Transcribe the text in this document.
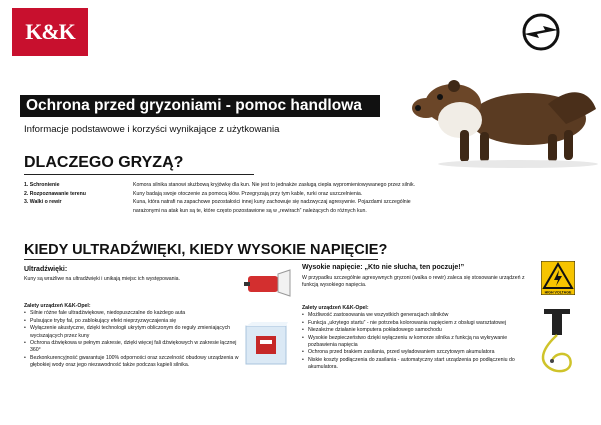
K&K
Ochrona przed gryzoniami - pomoc handlowa
Informacje podstawowe i korzyści wynikające z użytkowania
DLACZEGO GRYZĄ?
1. Schronienie
2. Rozpoznawanie terenu
3. Walki o rewir
Komora silnika stanowi służbową kryjówkę dla kun. Nie jest to jednakże zasługą ciepła wypromieniowywanego przez silnik.
Kuny badają swoje otoczenie za pomocą kłów. Przegryzają przy tym kable, rurki oraz uszczelnienia.
Kuna, która natrafi na zapachowe pozostałości innej kuny zachowuje się nadzwyczaj agresywnie. Pojazdami szczególnie
narażonymi na atak kun są te, które często pozostawione są w „rewirach” należących do różnych kun.
KIEDY ULTRADŹWIĘKI, KIEDY WYSOKIE NAPIĘCIE?
Ultradźwięki:
Kuny są wrażliwe na ultradźwięki i unikają miejsc ich występowania.
Zalety urządzeń K&K-Opel:
• Silnie różne fale ultradźwiękowe, niedopuszczalne do każdego auta
• Pulsujące tryby fal, po zablokujący efekt nieprzyzwyczajenia się
• Wyłączenie akustyczne, dzięki technologii ukrytym obliczonym do reguły zmieniających wyciszających przez kuny
• Ochrona dźwiękowa w pełnym zakresie, dzięki więcej fali dźwiękowych w zakresie łącznej 360°
• Bezkonkurencyjność gwarantuje 100% odporności oraz szczelność obudowy urządzenia w głębokiej wody oraz jego niezawodność także podczas kąpieli silnika.
Wysokie napięcie: „Kto nie słucha, ten poczuje!”
W przypadku szczególnie agresywnych gryzoni (walka o rewir) zaleca się stosowanie urządzeń z funkcją wysokiego napięcia.
Zalety urządzeń K&K-Opel:
• Możliwość zastosowania we wszystkich generacjach silników
• Funkcja „ukrytego startu” - nie potrzeba kolorowania napięciem z obsługi warsztatowej
• Niezależne działanie komputera pokładowego samochodu
• Wysokie bezpieczeństwo dzięki wyłączeniu w komorze silnika z funkcją na wykrywanie pozbawienia napięcia
• Ochrona przed brakiem zasilania, przed wyładowaniem szczytowym akumulatora
• Niskie koszty podłączenia do zasilania - automatyczny start urządzenia po podłączeniu do akumulatora.
HIGH VOLTAGE
